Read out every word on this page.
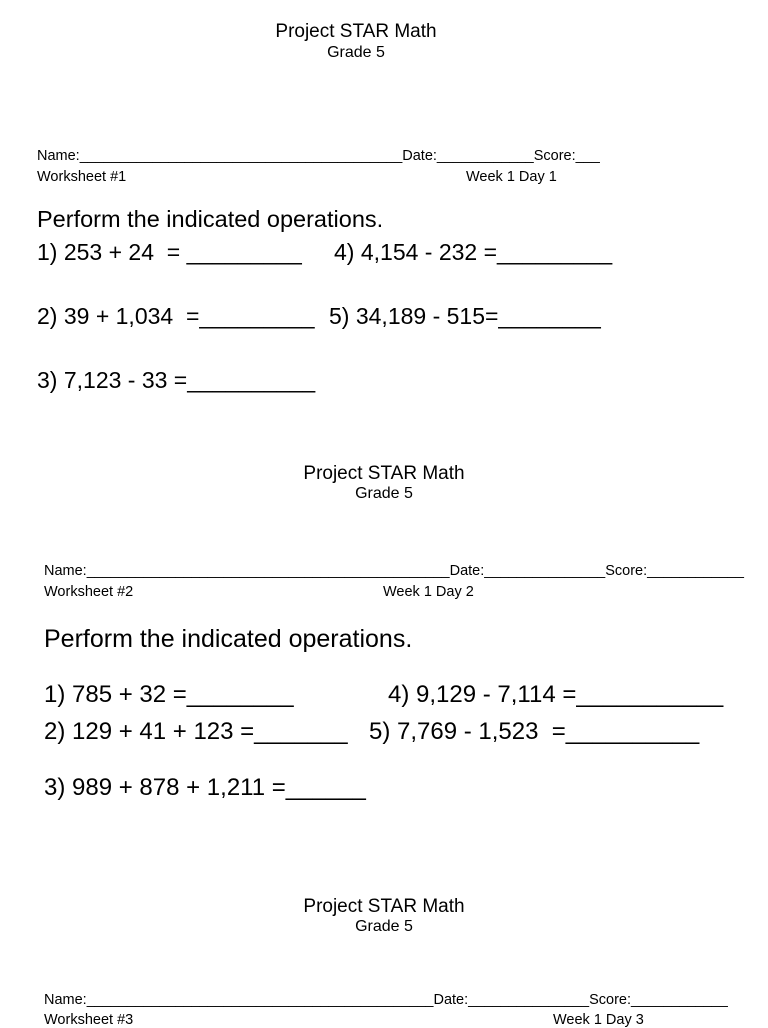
Project STAR Math
Grade 5
Name:________________________________________Date:____________Score:___
Worksheet #1	Week 1 Day 1
Perform the indicated operations.
1) 253 + 24  = _________ 4) 4,154 - 232 =_________
2) 39 + 1,034  =_________ 5) 34,189 - 515=________
3) 7,123 - 33 =__________
Project STAR Math
Grade 5
Name:_____________________________________________Date:_______________Score:____________
Worksheet #2	Week 1 Day 2
Perform the indicated operations.
1) 785 + 32 =________	4) 9,129 - 7,114 =___________
2) 129 + 41 + 123 =_______ 5) 7,769 - 1,523  =__________
3) 989 + 878 + 1,211 =______
Project STAR Math
Grade 5
Name:___________________________________________Date:_______________Score:____________
Worksheet #3	Week 1 Day 3
